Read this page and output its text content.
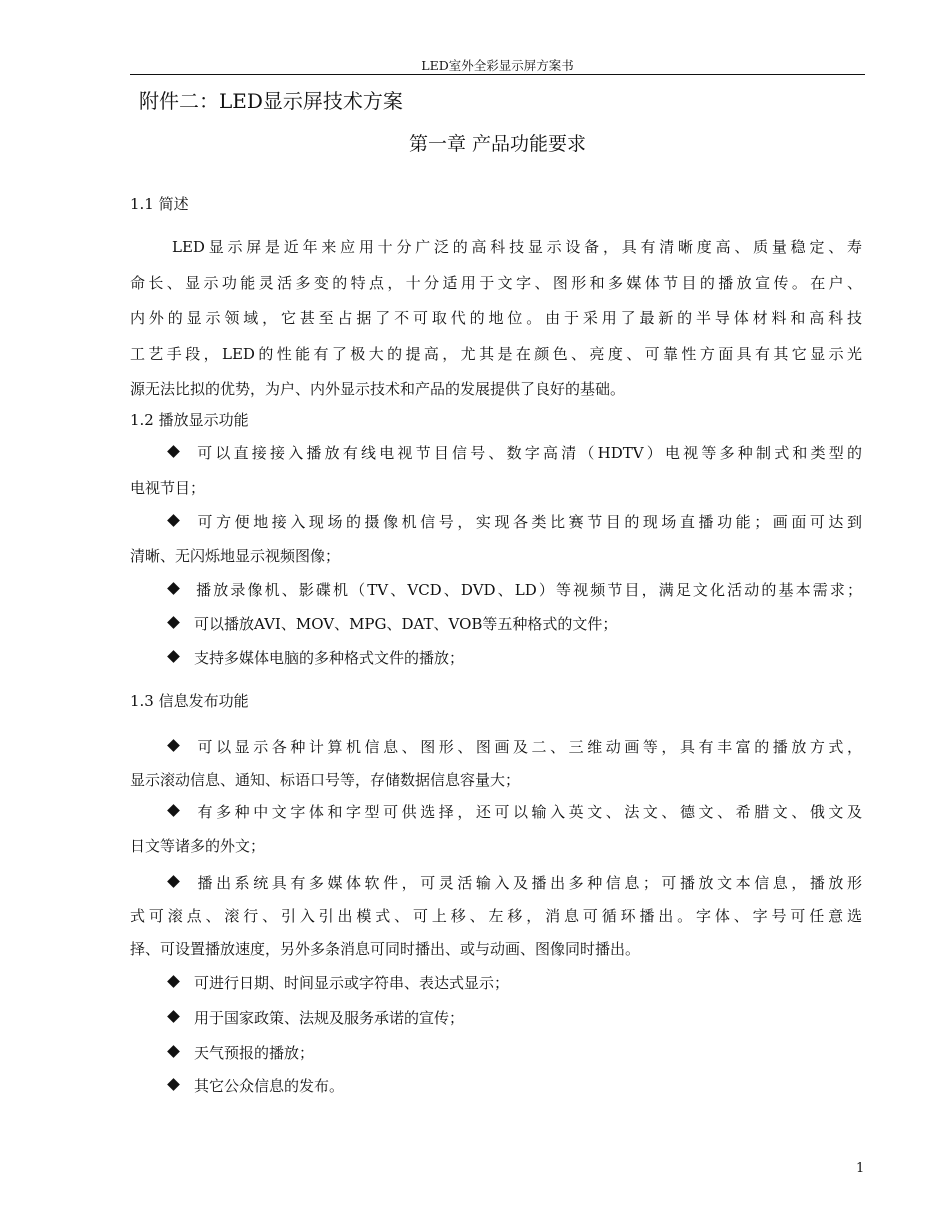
LED室外全彩显示屏方案书
附件二：LED显示屏技术方案
第一章 产品功能要求
1.1 简述
LED显示屏是近年来应用十分广泛的高科技显示设备，具有清晰度高、质量稳定、寿
命长、显示功能灵活多变的特点，十分适用于文字、图形和多媒体节目的播放宣传。在户、
内外的显示领域，它甚至占据了不可取代的地位。由于采用了最新的半导体材料和高科技
工艺手段，LED的性能有了极大的提高，尤其是在颜色、亮度、可靠性方面具有其它显示光
源无法比拟的优势，为户、内外显示技术和产品的发展提供了良好的基础。
1.2 播放显示功能
可以直接接入播放有线电视节目信号、数字高清（HDTV）电视等多种制式和类型的
电视节目；
可方便地接入现场的摄像机信号，实现各类比赛节目的现场直播功能；画面可达到
清晰、无闪烁地显示视频图像；
播放录像机、影碟机（TV、VCD、DVD、LD）等视频节目，满足文化活动的基本需求；
可以播放AVI、MOV、MPG、DAT、VOB等五种格式的文件；
支持多媒体电脑的多种格式文件的播放；
1.3 信息发布功能
可以显示各种计算机信息、图形、图画及二、三维动画等，具有丰富的播放方式，
显示滚动信息、通知、标语口号等，存储数据信息容量大；
有多种中文字体和字型可供选择，还可以输入英文、法文、德文、希腊文、俄文及
日文等诸多的外文；
播出系统具有多媒体软件，可灵活输入及播出多种信息；可播放文本信息，播放形
式可滚点、滚行、引入引出模式、可上移、左移，消息可循环播出。字体、字号可任意选
择、可设置播放速度，另外多条消息可同时播出、或与动画、图像同时播出。
可进行日期、时间显示或字符串、表达式显示；
用于国家政策、法规及服务承诺的宣传；
天气预报的播放；
其它公众信息的发布。
1
